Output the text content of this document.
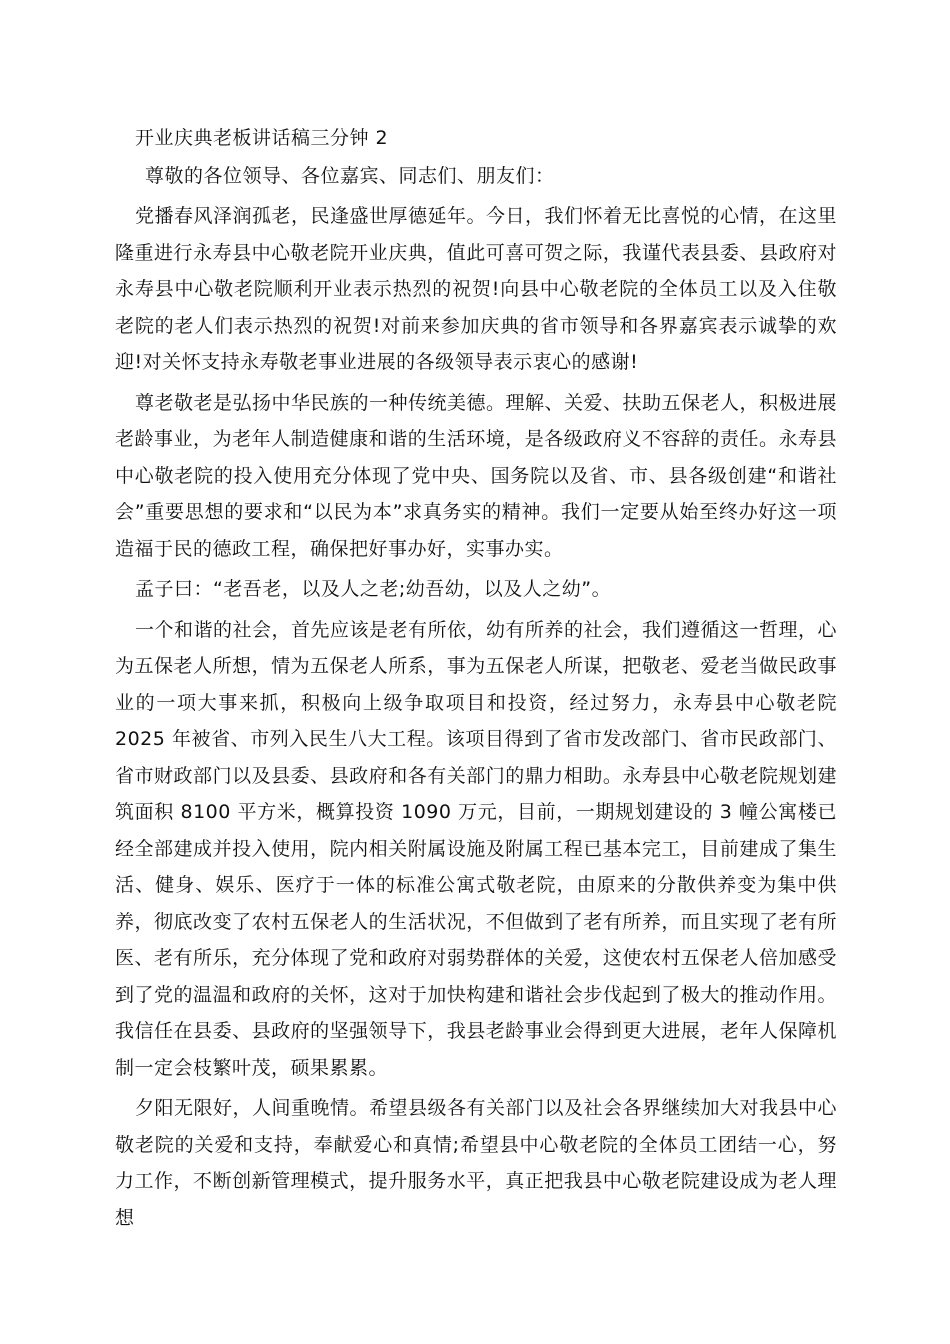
开业庆典老板讲话稿三分钟 2
尊敬的各位领导、各位嘉宾、同志们、朋友们：

党播春风泽润孤老，民逢盛世厚德延年。今日，我们怀着无比喜悦的心情，在这里隆重进行永寿县中心敬老院开业庆典，值此可喜可贺之际，我谨代表县委、县政府对永寿县中心敬老院顺利开业表示热烈的祝贺!向县中心敬老院的全体员工以及入住敬老院的老人们表示热烈的祝贺!对前来参加庆典的省市领导和各界嘉宾表示诚挚的欢迎!对关怀支持永寿敬老事业进展的各级领导表示衷心的感谢!

尊老敬老是弘扬中华民族的一种传统美德。理解、关爱、扶助五保老人，积极进展老龄事业，为老年人制造健康和谐的生活环境，是各级政府义不容辞的责任。永寿县中心敬老院的投入使用充分体现了党中央、国务院以及省、市、县各级创建“和谐社会”重要思想的要求和“以民为本”求真务实的精神。我们一定要从始至终办好这一项造福于民的德政工程，确保把好事办好，实事办实。

孟子曰：“老吾老，以及人之老;幼吾幼，以及人之幼”。

一个和谐的社会，首先应该是老有所依，幼有所养的社会，我们遵循这一哲理，心为五保老人所想，情为五保老人所系，事为五保老人所谋，把敬老、爱老当做民政事业的一项大事来抓，积极向上级争取项目和投资，经过努力，永寿县中心敬老院 2025 年被省、市列入民生八大工程。该项目得到了省市发改部门、省市民政部门、省市财政部门以及县委、县政府和各有关部门的鼎力相助。永寿县中心敬老院规划建筑面积 8100 平方米，概算投资 1090 万元，目前，一期规划建设的 3 幢公寓楼已经全部建成并投入使用，院内相关附属设施及附属工程已基本完工，目前建成了集生活、健身、娱乐、医疗于一体的标准公寓式敬老院，由原来的分散供养变为集中供养，彻底改变了农村五保老人的生活状况，不但做到了老有所养，而且实现了老有所医、老有所乐，充分体现了党和政府对弱势群体的关爱，这使农村五保老人倍加感受到了党的温温和政府的关怀，这对于加快构建和谐社会步伐起到了极大的推动作用。我信任在县委、县政府的坚强领导下，我县老龄事业会得到更大进展，老年人保障机制一定会枝繁叶茂，硕果累累。

夕阳无限好，人间重晚情。希望县级各有关部门以及社会各界继续加大对我县中心敬老院的关爱和支持，奉献爱心和真情;希望县中心敬老院的全体员工团结一心，努力工作，不断创新管理模式，提升服务水平，真正把我县中心敬老院建设成为老人理想
